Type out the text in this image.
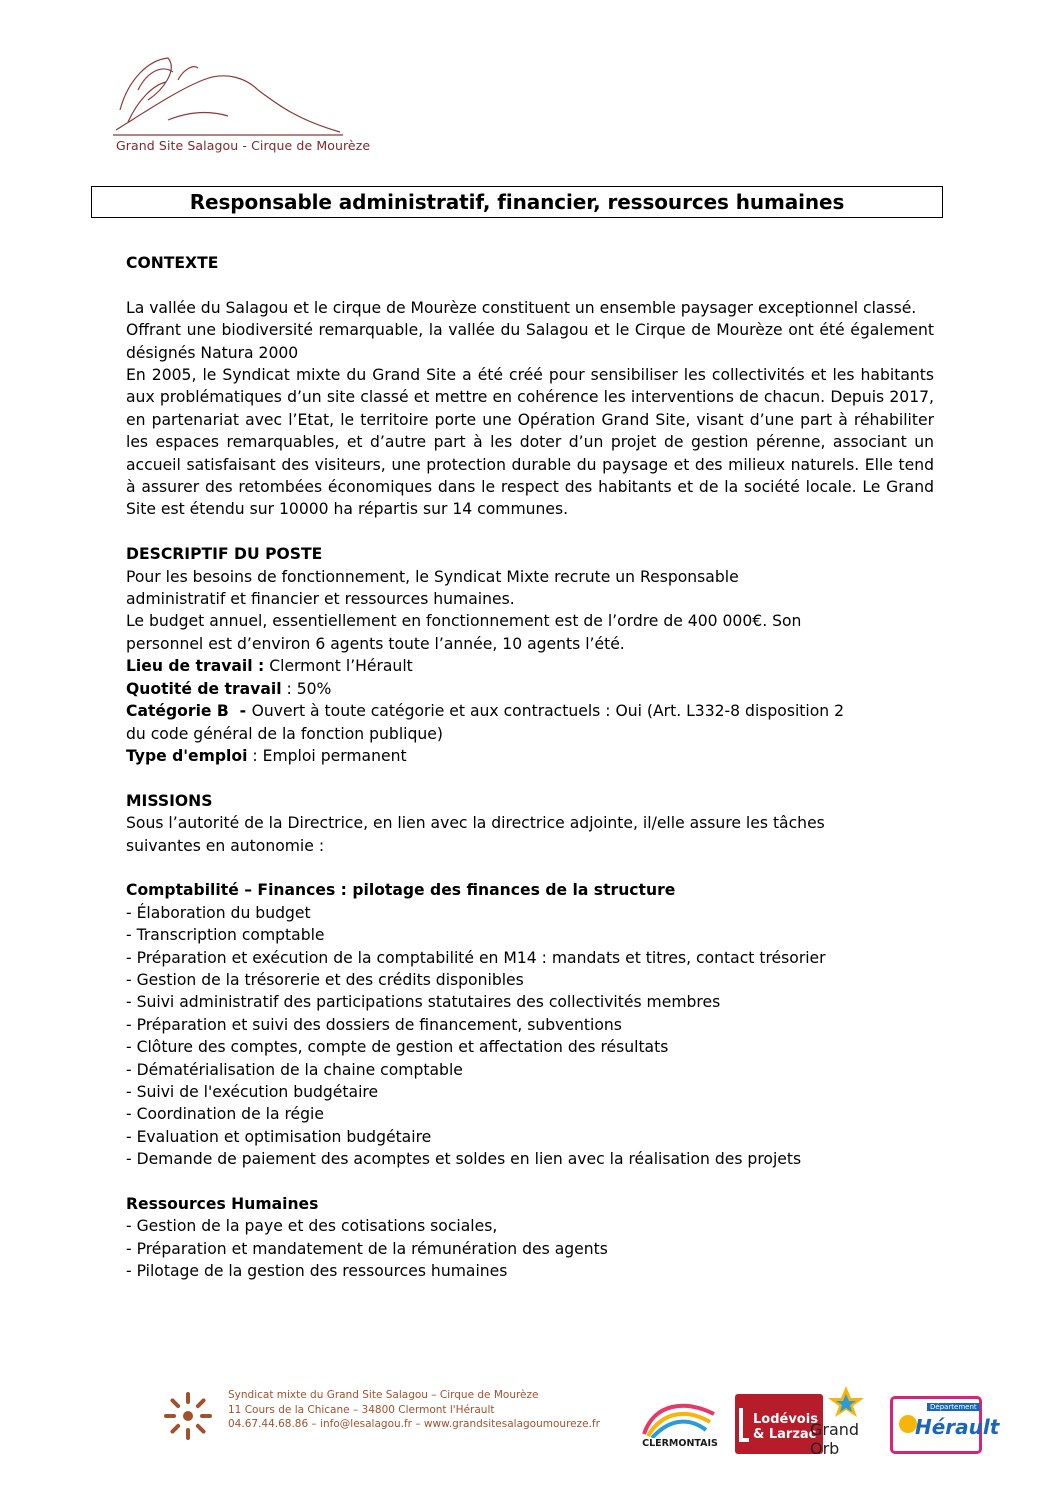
Grand Site Salagou - Cirque de Mourèze
Responsable administratif, financier, ressources humaines

CONTEXTE

La vallée du Salagou et le cirque de Mourèze constituent un ensemble paysager exceptionnel classé.

Offrant une biodiversité remarquable, la vallée du Salagou et le Cirque de Mourèze ont été également désignés Natura 2000

En 2005, le Syndicat mixte du Grand Site a été créé pour sensibiliser les collectivités et les habitants aux problématiques d’un site classé et mettre en cohérence les interventions de chacun. Depuis 2017, en partenariat avec l’Etat, le territoire porte une Opération Grand Site, visant d’une part à réhabiliter les espaces remarquables, et d’autre part à les doter d’un projet de gestion pérenne, associant un accueil satisfaisant des visiteurs, une protection durable du paysage et des milieux naturels. Elle tend à assurer des retombées économiques dans le respect des habitants et de la société locale. Le Grand Site est étendu sur 10000 ha répartis sur 14 communes.

DESCRIPTIF DU POSTE

Pour les besoins de fonctionnement, le Syndicat Mixte recrute un Responsable

administratif et financier et ressources humaines.

Le budget annuel, essentiellement en fonctionnement est de l’ordre de 400 000€. Son

personnel est d’environ 6 agents toute l’année, 10 agents l’été.

Lieu de travail : Clermont l’Hérault

Quotité de travail : 50%

Catégorie B  - Ouvert à toute catégorie et aux contractuels : Oui (Art. L332-8 disposition 2

du code général de la fonction publique)

Type d'emploi : Emploi permanent

MISSIONS

Sous l’autorité de la Directrice, en lien avec la directrice adjointe, il/elle assure les tâches

suivantes en autonomie :

Comptabilité – Finances : pilotage des finances de la structure

- Élaboration du budget
- Transcription comptable
- Préparation et exécution de la comptabilité en M14 : mandats et titres, contact trésorier
- Gestion de la trésorerie et des crédits disponibles
- Suivi administratif des participations statutaires des collectivités membres
- Préparation et suivi des dossiers de financement, subventions
- Clôture des comptes, compte de gestion et affectation des résultats
- Dématérialisation de la chaine comptable
- Suivi de l'exécution budgétaire
- Coordination de la régie
- Evaluation et optimisation budgétaire
- Demande de paiement des acomptes et soldes en lien avec la réalisation des projets

Ressources Humaines

- Gestion de la paye et des cotisations sociales,
- Préparation et mandatement de la rémunération des agents
- Pilotage de la gestion des ressources humaines
Syndicat mixte du Grand Site Salagou – Cirque de Mourèze
11 Cours de la Chicane – 34800 Clermont l'Hérault
04.67.44.68.86 – info@lesalagou.fr – www.grandsitesalagoumoureze.fr
CLERMONTAIS
Lodévois
& Larzac
Grand Orb
Département
Hérault
